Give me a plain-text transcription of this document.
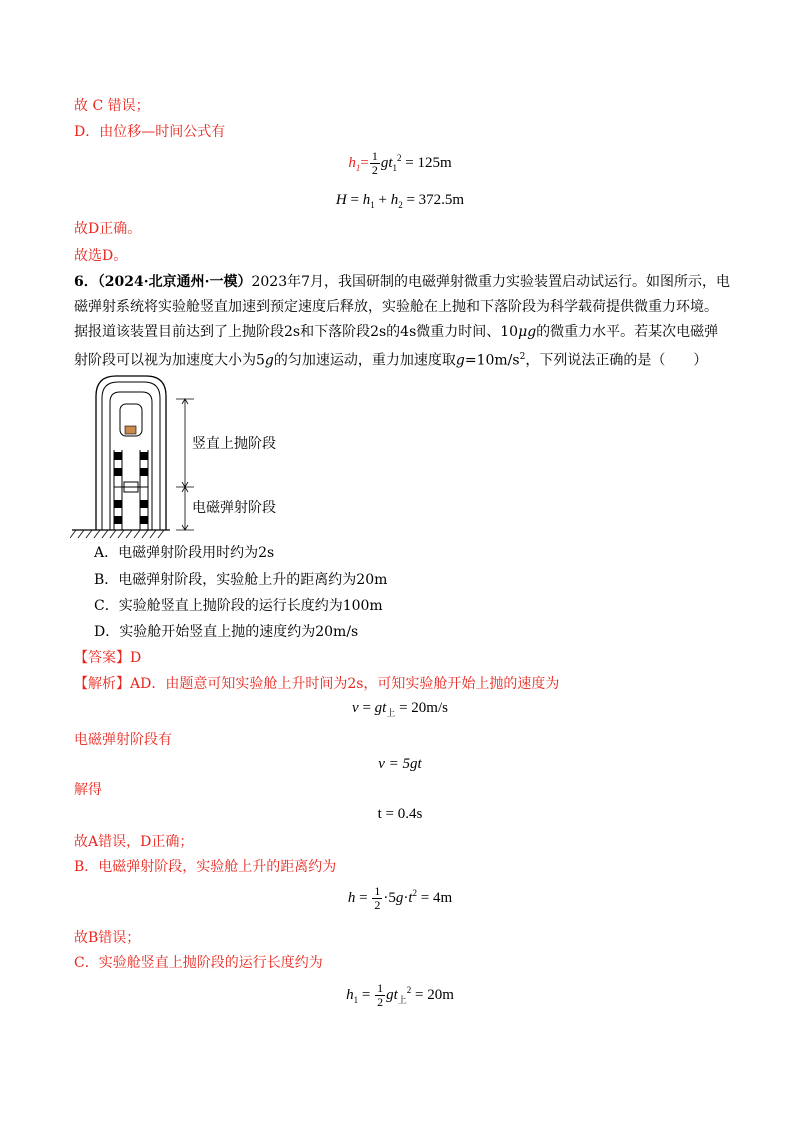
故 C 错误；
D．由位移—时间公式有
$h_1= \frac{1}{2} gt_1^2 = 125m$
$H = h_1 + h_2 = 372.5m$
故D正确。
故选D。
6．（2024·北京通州·一模）2023年7月，我国研制的电磁弹射微重力实验装置启动试运行。如图所示，电
磁弹射系统将实验舱竖直加速到预定速度后释放，实验舱在上抛和下落阶段为科学载荷提供微重力环境。
据报道该装置目前达到了上抛阶段2s和下落阶段2s的4s微重力时间、10μg的微重力水平。若某次电磁弹
射阶段可以视为加速度大小为5g的匀加速运动，重力加速度取$g=10m/s^2$，下列说法正确的是（　　）
竖直上抛阶段
电磁弹射阶段
A．电磁弹射阶段用时约为2s
B．电磁弹射阶段，实验舱上升的距离约为20m
C．实验舱竖直上抛阶段的运行长度约为100m
D．实验舱开始竖直上抛的速度约为20m/s
【答案】D
【解析】AD．由题意可知实验舱上升时间为2s，可知实验舱开始上抛的速度为
$v = gt_上 = 20m/s$
电磁弹射阶段有
v = 5gt
解得
t = 0.4s
故A错误，D正确；
B．电磁弹射阶段，实验舱上升的距离约为
$h = \frac{1}{2} \cdot 5g\cdot t^2 = 4m$
故B错误；
C．实验舱竖直上抛阶段的运行长度约为
$h_1 = \frac{1}{2} gt_上^2 = 20m$
